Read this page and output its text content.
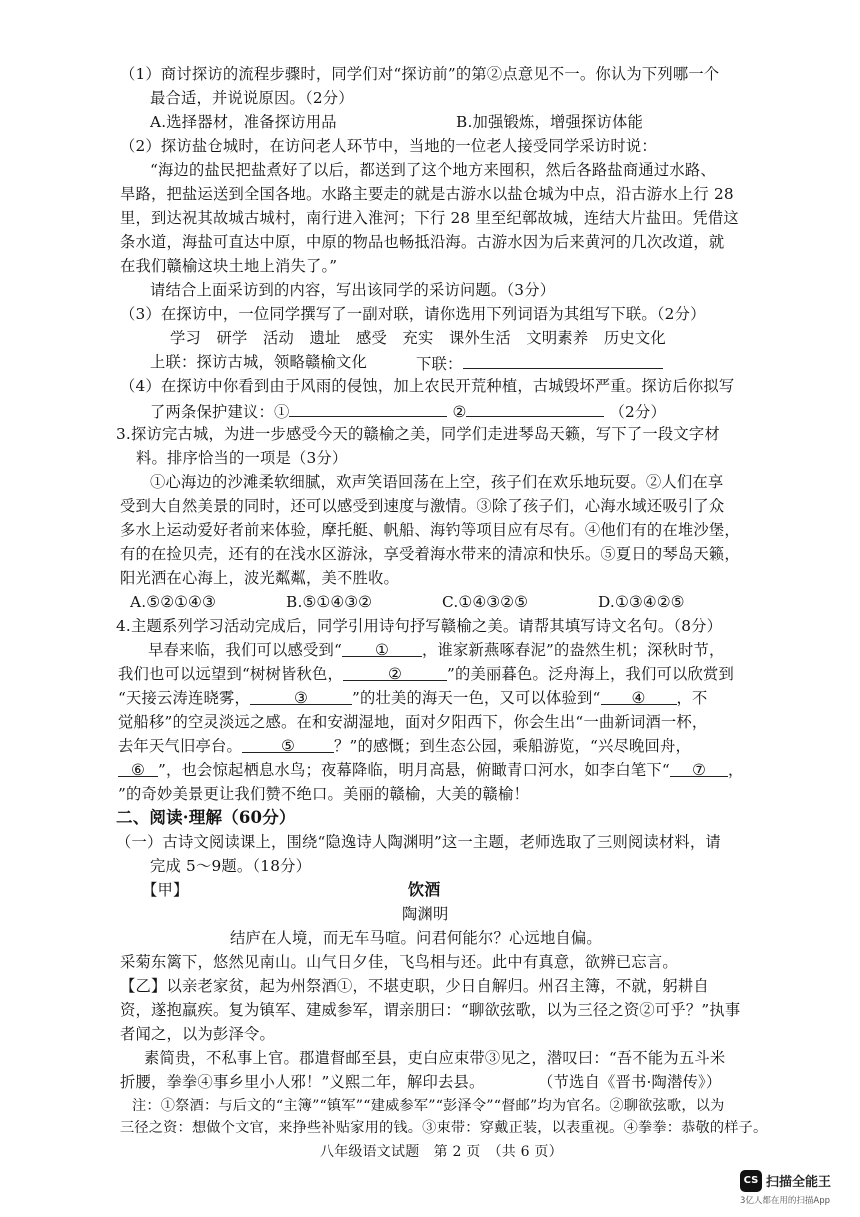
（1）商讨探访的流程步骤时，同学们对“探访前”的第②点意见不一。你认为下列哪一个
最合适，并说说原因。（2分）
A.选择器材，准备探访用品	B.加强锻炼，增强探访体能
（2）探访盐仓城时，在访问老人环节中，当地的一位老人接受同学采访时说：
“海边的盐民把盐煮好了以后，都送到了这个地方来囤积，然后各路盐商通过水路、
旱路，把盐运送到全国各地。水路主要走的就是古游水以盐仓城为中点，沿古游水上行 28
里，到达祝其故城古城村，南行进入淮河；下行 28 里至纪鄣故城，连结大片盐田。凭借这
条水道，海盐可直达中原，中原的物品也畅抵沿海。古游水因为后来黄河的几次改道，就
在我们赣榆这块土地上消失了。”
请结合上面采访到的内容，写出该同学的采访问题。（3分）
（3）在探访中，一位同学撰写了一副对联，请你选用下列词语为其组写下联。（2分）
学习　研学　活动　遗址　感受　充实　课外生活　文明素养　历史文化
上联：探访古城，领略赣榆文化	下联：
（4）在探访中你看到由于风雨的侵蚀，加上农民开荒种植，古城毁坏严重。探访后你拟写
了两条保护建议：①	②	（2分）
3.探访完古城，为进一步感受今天的赣榆之美，同学们走进琴岛天籁，写下了一段文字材
料。排序恰当的一项是（3分）
①心海边的沙滩柔软细腻，欢声笑语回荡在上空，孩子们在欢乐地玩耍。②人们在享
受到大自然美景的同时，还可以感受到速度与激情。③除了孩子们，心海水域还吸引了众
多水上运动爱好者前来体验，摩托艇、帆船、海钓等项目应有尽有。④他们有的在堆沙堡，
有的在捡贝壳，还有的在浅水区游泳，享受着海水带来的清凉和快乐。⑤夏日的琴岛天籁，
阳光洒在心海上，波光粼粼，美不胜收。
A.⑤②①④③	B.⑤①④③②	C.①④③②⑤	D.①③④②⑤
4.主题系列学习活动完成后，同学引用诗句抒写赣榆之美。请帮其填写诗文名句。（8分）
早春来临，我们可以感受到“ ① ，谁家新燕啄春泥”的盎然生机；深秋时节，
我们也可以远望到“树树皆秋色，	②	”的美丽暮色。泛舟海上，我们可以欣赏到
“天接云涛连晓雾，	③	”的壮美的海天一色，又可以体验到“ ④ ，不
觉船移”的空灵淡远之感。在和安湖湿地，面对夕阳西下，你会生出“一曲新词酒一杯，
去年天气旧亭台。	⑤	？”的感慨；到生态公园，乘船游览，“兴尽晚回舟，
⑥ ”，也会惊起栖息水鸟；夜幕降临，明月高悬，俯瞰青口河水，如李白笔下“ ⑦ ，
”的奇妙美景更让我们赞不绝口。美丽的赣榆，大美的赣榆！
二、阅读·理解（60分）
（一）古诗文阅读课上，围绕“隐逸诗人陶渊明”这一主题，老师选取了三则阅读材料，请
完成 5～9题。（18分）
【甲】	饮酒
陶渊明
结庐在人境，而无车马喧。问君何能尔？心远地自偏。
采菊东篱下，悠然见南山。山气日夕佳，飞鸟相与还。此中有真意，欲辨已忘言。
【乙】以亲老家贫，起为州祭酒①，不堪吏职，少日自解归。州召主簿，不就，躬耕自
资，遂抱羸疾。复为镇军、建威参军，谓亲朋曰：“聊欲弦歌，以为三径之资②可乎？”执事
者闻之，以为彭泽令。
素简贵，不私事上官。郡遣督邮至县，吏白应束带③见之，潜叹曰：“吾不能为五斗米
折腰，拳拳④事乡里小人邪！”义熙二年，解印去县。	（节选自《晋书·陶潜传》）
注：①祭酒：与后文的“主簿”“镇军”“建威参军”“彭泽令”“督邮”均为官名。②聊欲弦歌，以为
三径之资：想做个文官，来挣些补贴家用的钱。③束带：穿戴正装，以表重视。④拳拳：恭敬的样子。
八年级语文试题　第 2 页　（共 6 页）
CS 扫描全能王
3亿人都在用的扫描App
